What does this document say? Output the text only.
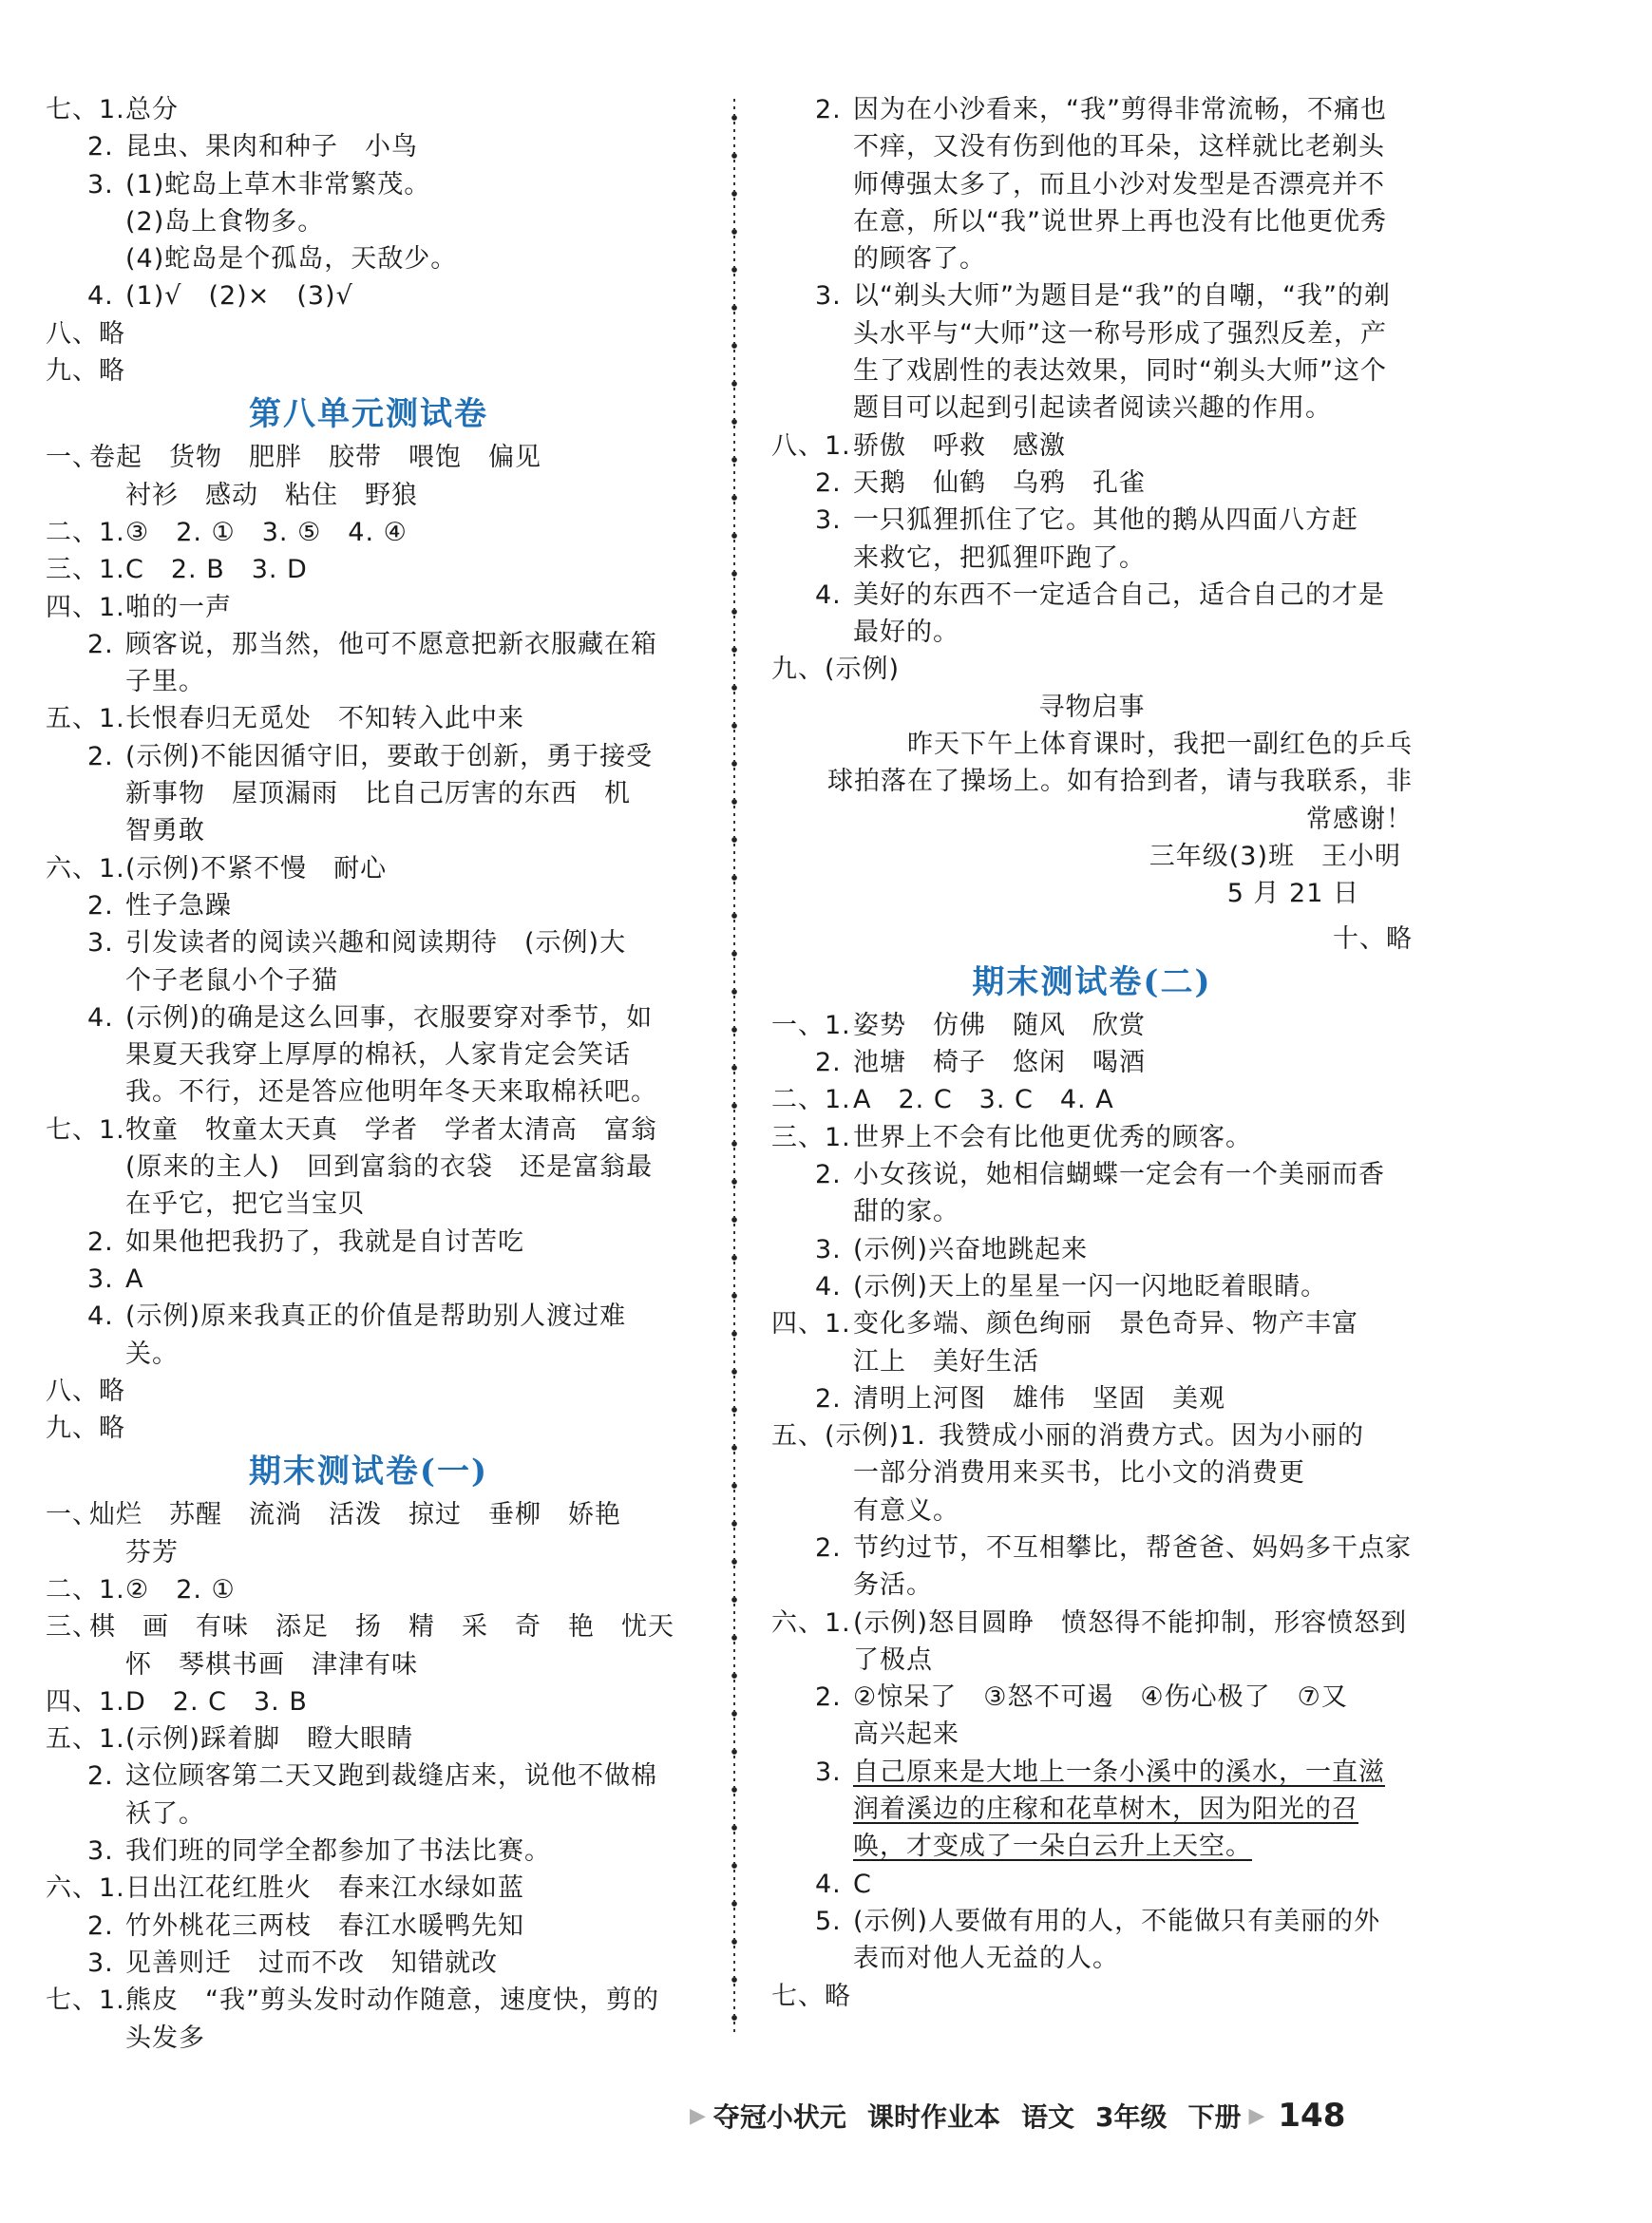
七、1. 总分
2. 昆虫、果肉和种子　小鸟
3. (1)蛇岛上草木非常繁茂。
(2)岛上食物多。
(4)蛇岛是个孤岛，天敌少。
4. (1)√　(2)×　(3)√
八、略
九、略
第八单元测试卷
一、
卷起　货物　肥胖　胶带　喂饱　偏见
衬衫　感动　粘住　野狼
二、1. ③　2. ①　3. ⑤　4. ④
三、1. C　2. B　3. D
四、1. 啪的一声
2. 顾客说，那当然，他可不愿意把新衣服藏在箱
子里。
五、1. 长恨春归无觅处　不知转入此中来
2. (示例)不能因循守旧，要敢于创新，勇于接受
新事物　屋顶漏雨　比自己厉害的东西　机
智勇敢
六、1. (示例)不紧不慢　耐心
2. 性子急躁
3. 引发读者的阅读兴趣和阅读期待　(示例)大
个子老鼠小个子猫
4. (示例)的确是这么回事，衣服要穿对季节，如
果夏天我穿上厚厚的棉袄，人家肯定会笑话
我。不行，还是答应他明年冬天来取棉袄吧。
七、1. 牧童　牧童太天真　学者　学者太清高　富翁
(原来的主人)　回到富翁的衣袋　还是富翁最
在乎它，把它当宝贝
2. 如果他把我扔了，我就是自讨苦吃
3. A
4. (示例)原来我真正的价值是帮助别人渡过难
关。
八、略
九、略
期末测试卷(一)
一、
灿烂　苏醒　流淌　活泼　掠过　垂柳　娇艳
芬芳
二、1. ②　2. ①
三、
棋　画　有味　添足　扬　精　采　奇　艳　忧天
怀　琴棋书画　津津有味
四、1. D　2. C　3. B
五、1. (示例)踩着脚　瞪大眼睛
2. 这位顾客第二天又跑到裁缝店来，说他不做棉
袄了。
3. 我们班的同学全都参加了书法比赛。
六、1. 日出江花红胜火　春来江水绿如蓝
2. 竹外桃花三两枝　春江水暖鸭先知
3. 见善则迁　过而不改　知错就改
七、1. 熊皮　“我”剪头发时动作随意，速度快，剪的
头发多
2. 因为在小沙看来，“我”剪得非常流畅，不痛也
不痒，又没有伤到他的耳朵，这样就比老剃头
师傅强太多了，而且小沙对发型是否漂亮并不
在意，所以“我”说世界上再也没有比他更优秀
的顾客了。
3. 以“剃头大师”为题目是“我”的自嘲，“我”的剃
头水平与“大师”这一称号形成了强烈反差，产
生了戏剧性的表达效果，同时“剃头大师”这个
题目可以起到引起读者阅读兴趣的作用。
八、1. 骄傲　呼救　感激
2. 天鹅　仙鹤　乌鸦　孔雀
3. 一只狐狸抓住了它。其他的鹅从四面八方赶
来救它，把狐狸吓跑了。
4. 美好的东西不一定适合自己，适合自己的才是
最好的。
九、(示例)
寻物启事
　昨天下午上体育课时，我把一副红色的乒乓
球拍落在了操场上。如有拾到者，请与我联系，非
常感谢！
三年级(3)班　王小明
5 月 21 日
十、略
期末测试卷(二)
一、1. 姿势　仿佛　随风　欣赏
2. 池塘　椅子　悠闲　喝酒
二、1. A　2. C　3. C　4. A
三、1. 世界上不会有比他更优秀的顾客。
2. 小女孩说，她相信蝴蝶一定会有一个美丽而香
甜的家。
3. (示例)兴奋地跳起来
4. (示例)天上的星星一闪一闪地眨着眼睛。
四、1. 变化多端、颜色绚丽　景色奇异、物产丰富
江上　美好生活
2. 清明上河图　雄伟　坚固　美观
五、(示例)1. 我赞成小丽的消费方式。因为小丽的
一部分消费用来买书，比小文的消费更
有意义。
2. 节约过节，不互相攀比，帮爸爸、妈妈多干点家
务活。
六、1. (示例)怒目圆睁　愤怒得不能抑制，形容愤怒到
了极点
2. ②惊呆了　③怒不可遏　④伤心极了　⑦又
高兴起来
3. 自己原来是大地上一条小溪中的溪水，一直滋
润着溪边的庄稼和花草树木，因为阳光的召
唤，才变成了一朵白云升上天空。
4. C
5. (示例)人要做有用的人，不能做只有美丽的外
表而对他人无益的人。
七、略
▶ 夺冠小状元 课时作业本 语文 3年级 下册 ▶ 148
